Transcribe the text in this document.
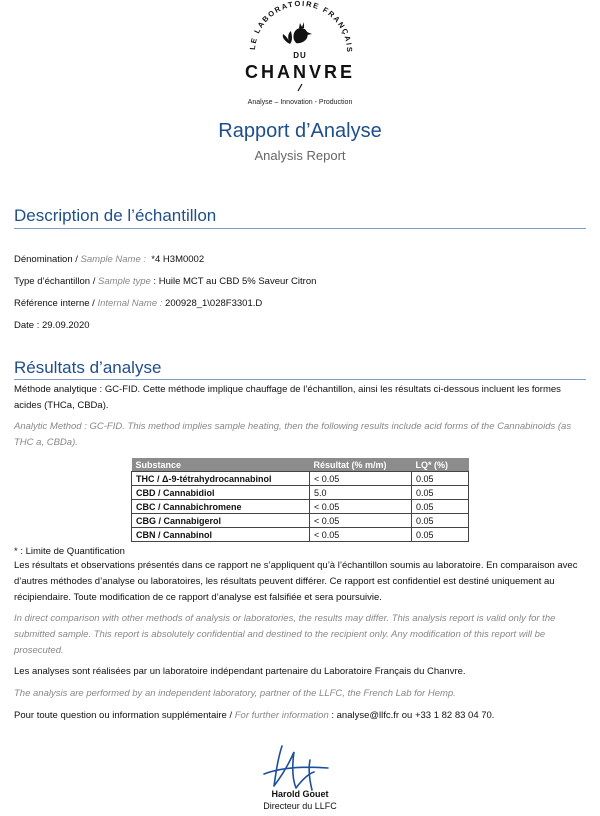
LE LABORATOIRE FRANÇAIS
DU
CHANVRE
Analyse – Innovation - Production
Rapport d’Analyse
Analysis Report
Description de l’échantillon
Dénomination / Sample Name :  *4 H3M0002
Type d’échantillon / Sample type : Huile MCT au CBD 5% Saveur Citron
Référence interne / Internal Name : 200928_1\028F3301.D
Date : 29.09.2020
Résultats d’analyse
Méthode analytique : GC-FID. Cette méthode implique chauffage de l’échantillon, ainsi les résultats ci-dessous incluent les formes acides (THCa, CBDa).
Analytic Method : GC-FID. This method implies sample heating, then the following results include acid forms of the Cannabinoids (as THC a, CBDa).
Substance	Résultat (% m/m)	LQ* (%)
THC / Δ-9-tétrahydrocannabinol	< 0.05	0.05
CBD / Cannabidiol	5.0	0.05
CBC / Cannabichromene	< 0.05	0.05
CBG / Cannabigerol	< 0.05	0.05
CBN / Cannabinol	< 0.05	0.05
* : Limite de Quantification
Les résultats et observations présentés dans ce rapport ne s’appliquent qu’à l’échantillon soumis au laboratoire. En comparaison avec d’autres méthodes d’analyse ou laboratoires, les résultats peuvent différer. Ce rapport est confidentiel est destiné uniquement au récipiendaire. Toute modification de ce rapport d’analyse est falsifiée et sera poursuivie.
In direct comparison with other methods of analysis or laboratories, the results may differ. This analysis report is valid only for the submitted sample. This report is absolutely confidential and destined to the recipient only. Any modification of this report will be prosecuted.
Les analyses sont réalisées par un laboratoire indépendant partenaire du Laboratoire Français du Chanvre.
The analysis are performed by an independent laboratory, partner of the LLFC, the French Lab for Hemp.
Pour toute question ou information supplémentaire / For further information : analyse@llfc.fr ou +33 1 82 83 04 70.
Harold Gouet
Directeur du LLFC
